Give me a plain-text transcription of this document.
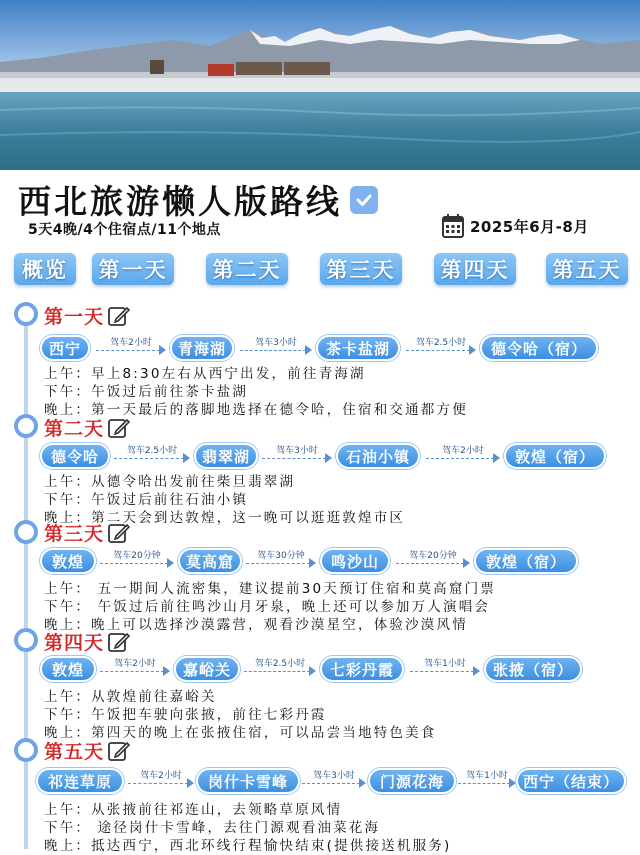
西北旅游懒人版路线
5天4晚/4个住宿点/11个地点	2025年6月-8月
概览	第一天	第二天	第三天	第四天	第五天
第一天
西宁	驾车2小时	青海湖	驾车3小时	茶卡盐湖	驾车2.5小时	德令哈（宿）
上午：早上8:30左右从西宁出发，前往青海湖
下午：午饭过后前往茶卡盐湖
晚上：第一天最后的落脚地选择在德令哈，住宿和交通都方便
第二天
德令哈	驾车2.5小时	翡翠湖	驾车3小时	石油小镇	驾车2小时	敦煌（宿）
上午：从德令哈出发前往柴旦翡翠湖
下午：午饭过后前往石油小镇
晚上：第二天会到达敦煌，这一晚可以逛逛敦煌市区
第三天
敦煌	驾车20分钟	莫高窟	驾车30分钟	鸣沙山	驾车20分钟	敦煌（宿）
上午： 五一期间人流密集，建议提前30天预订住宿和莫高窟门票
下午： 午饭过后前往鸣沙山月牙泉，晚上还可以参加万人演唱会
晚上：晚上可以选择沙漠露营，观看沙漠星空，体验沙漠风情
第四天
敦煌	驾车2小时	嘉峪关	驾车2.5小时	七彩丹霞	驾车1小时	张掖（宿）
上午：从敦煌前往嘉峪关
下午：午饭把车驶向张掖，前往七彩丹霞
晚上：第四天的晚上在张掖住宿，可以品尝当地特色美食
第五天
祁连草原	驾车2小时	岗什卡雪峰	驾车3小时	门源花海	驾车1小时	西宁（结束）
上午：从张掖前往祁连山，去领略草原风情
下午： 途径岗什卡雪峰，去往门源观看油菜花海
晚上：抵达西宁，西北环线行程愉快结束(提供接送机服务)
